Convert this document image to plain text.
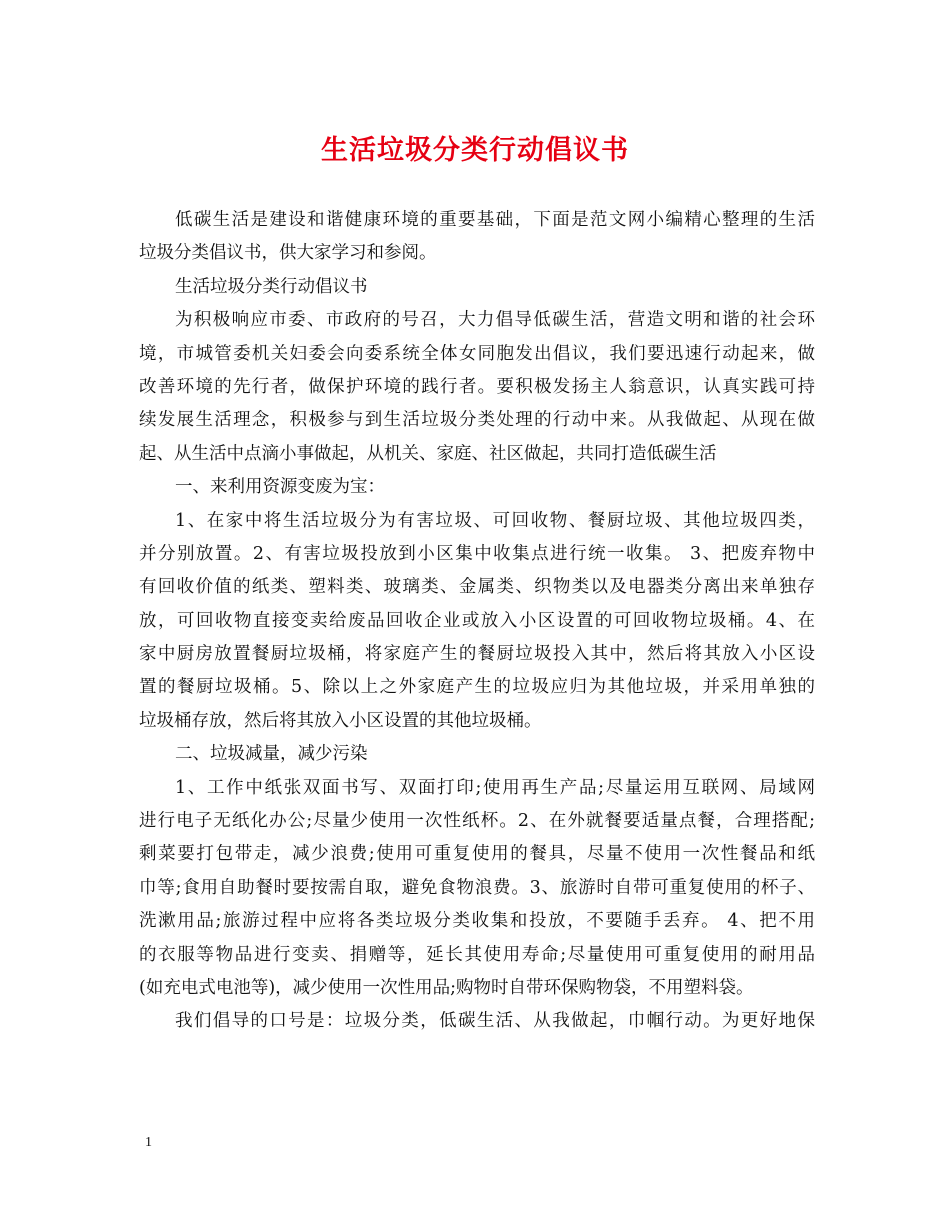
生活垃圾分类行动倡议书
低碳生活是建设和谐健康环境的重要基础，下面是范文网小编精心整理的生活
垃圾分类倡议书，供大家学习和参阅。
生活垃圾分类行动倡议书
为积极响应市委、市政府的号召，大力倡导低碳生活，营造文明和谐的社会环
境，市城管委机关妇委会向委系统全体女同胞发出倡议，我们要迅速行动起来，做
改善环境的先行者，做保护环境的践行者。要积极发扬主人翁意识，认真实践可持
续发展生活理念，积极参与到生活垃圾分类处理的行动中来。从我做起、从现在做
起、从生活中点滴小事做起，从机关、家庭、社区做起，共同打造低碳生活
一、来利用资源变废为宝：
1、在家中将生活垃圾分为有害垃圾、可回收物、餐厨垃圾、其他垃圾四类，
并分别放置。2、有害垃圾投放到小区集中收集点进行统一收集。 3、把废弃物中
有回收价值的纸类、塑料类、玻璃类、金属类、织物类以及电器类分离出来单独存
放，可回收物直接变卖给废品回收企业或放入小区设置的可回收物垃圾桶。4、在
家中厨房放置餐厨垃圾桶，将家庭产生的餐厨垃圾投入其中，然后将其放入小区设
置的餐厨垃圾桶。5、除以上之外家庭产生的垃圾应归为其他垃圾，并采用单独的
垃圾桶存放，然后将其放入小区设置的其他垃圾桶。
二、垃圾减量，减少污染
1、工作中纸张双面书写、双面打印;使用再生产品;尽量运用互联网、局域网
进行电子无纸化办公;尽量少使用一次性纸杯。2、在外就餐要适量点餐，合理搭配;
剩菜要打包带走，减少浪费;使用可重复使用的餐具，尽量不使用一次性餐品和纸
巾等;食用自助餐时要按需自取，避免食物浪费。3、旅游时自带可重复使用的杯子、
洗漱用品;旅游过程中应将各类垃圾分类收集和投放，不要随手丢弃。 4、把不用
的衣服等物品进行变卖、捐赠等，延长其使用寿命;尽量使用可重复使用的耐用品
(如充电式电池等)，减少使用一次性用品;购物时自带环保购物袋，不用塑料袋。
我们倡导的口号是：垃圾分类，低碳生活、从我做起，巾帼行动。为更好地保
1
